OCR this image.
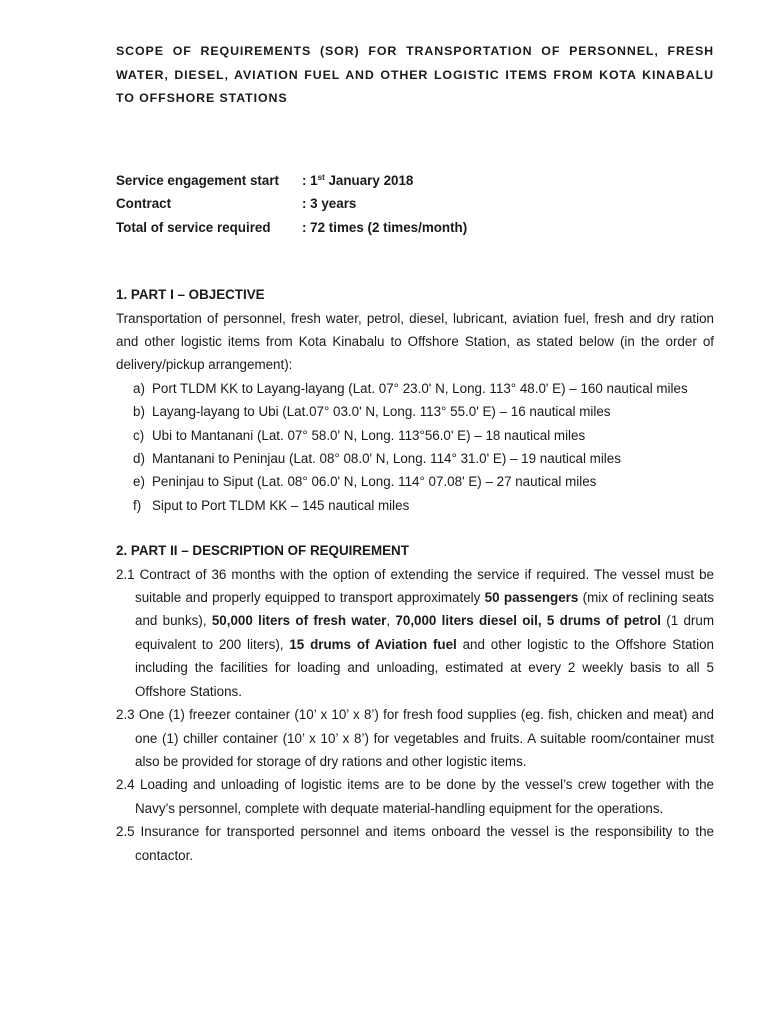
SCOPE OF REQUIREMENTS (SOR) FOR TRANSPORTATION OF PERSONNEL, FRESH WATER, DIESEL, AVIATION FUEL AND OTHER LOGISTIC ITEMS FROM KOTA KINABALU TO OFFSHORE STATIONS
Service engagement start	: 1st January 2018
Contract	: 3 years
Total of service required	: 72 times (2 times/month)
1. PART I – OBJECTIVE

Transportation of personnel, fresh water, petrol, diesel, lubricant, aviation fuel, fresh and dry ration and other logistic items from Kota Kinabalu to Offshore Station, as stated below (in the order of delivery/pickup arrangement):

a) Port TLDM KK to Layang-layang (Lat. 07° 23.0' N, Long. 113° 48.0' E) – 160 nautical miles
b) Layang-layang to Ubi (Lat.07° 03.0' N, Long. 113° 55.0' E) – 16 nautical miles
c) Ubi to Mantanani (Lat. 07° 58.0' N, Long. 113°56.0' E) – 18 nautical miles
d) Mantanani to Peninjau (Lat. 08° 08.0' N, Long. 114° 31.0' E) – 19 nautical miles
e) Peninjau to Siput (Lat. 08° 06.0' N, Long. 114° 07.08' E) – 27 nautical miles
f) Siput to Port TLDM KK – 145 nautical miles
2. PART II – DESCRIPTION OF REQUIREMENT

2.1 Contract of 36 months with the option of extending the service if required. The vessel must be suitable and properly equipped to transport approximately 50 passengers (mix of reclining seats and bunks), 50,000 liters of fresh water, 70,000 liters diesel oil, 5 drums of petrol (1 drum equivalent to 200 liters), 15 drums of Aviation fuel and other logistic to the Offshore Station including the facilities for loading and unloading, estimated at every 2 weekly basis to all 5 Offshore Stations.

2.3 One (1) freezer container (10’ x 10’ x 8’) for fresh food supplies (eg. fish, chicken and meat) and one (1) chiller container (10’ x 10’ x 8’) for vegetables and fruits. A suitable room/container must also be provided for storage of dry rations and other logistic items.

2.4 Loading and unloading of logistic items are to be done by the vessel’s crew together with the Navy’s personnel, complete with dequate material-handling equipment for the operations.

2.5 Insurance for transported personnel and items onboard the vessel is the responsibility to the contactor.
